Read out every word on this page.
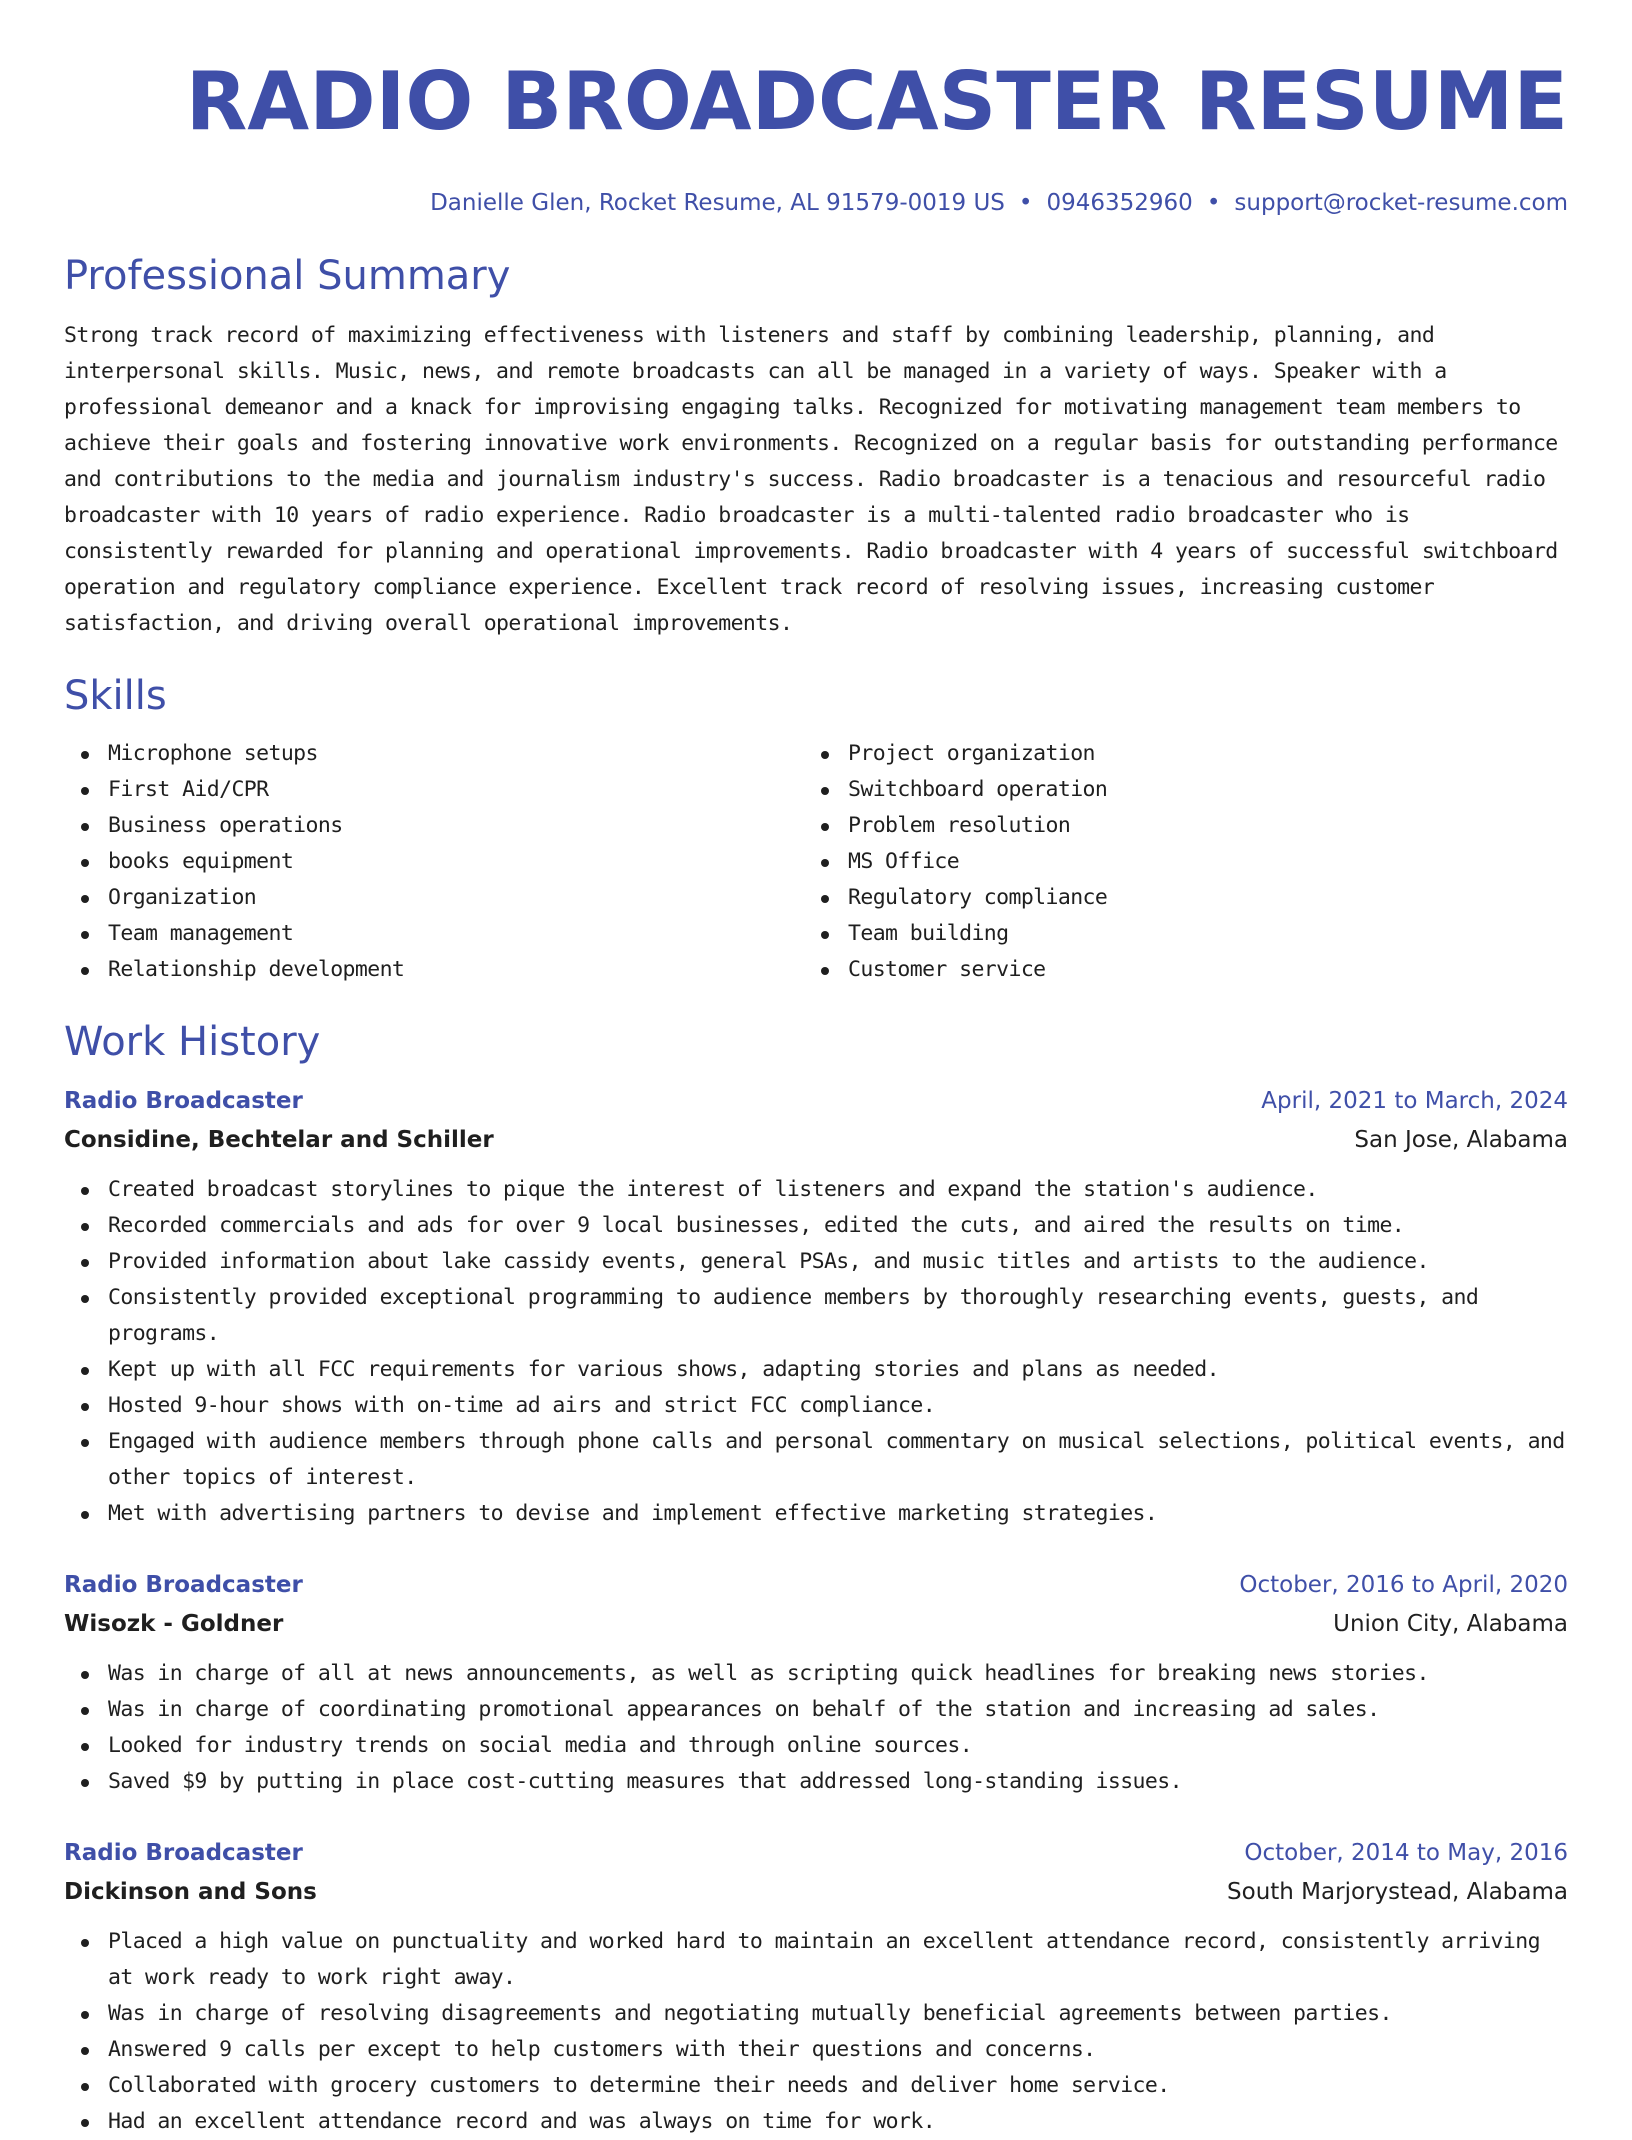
RADIO BROADCASTER RESUME
Danielle Glen, Rocket Resume, AL 91579-0019 US • 0946352960 • support@rocket-resume.com
Professional Summary

Strong track record of maximizing effectiveness with listeners and staff by combining leadership, planning, and interpersonal skills. Music, news, and remote broadcasts can all be managed in a variety of ways. Speaker with a professional demeanor and a knack for improvising engaging talks. Recognized for motivating management team members to achieve their goals and fostering innovative work environments. Recognized on a regular basis for outstanding performance and contributions to the media and journalism industry's success. Radio broadcaster is a tenacious and resourceful radio broadcaster with 10 years of radio experience. Radio broadcaster is a multi-talented radio broadcaster who is consistently rewarded for planning and operational improvements. Radio broadcaster with 4 years of successful switchboard operation and regulatory compliance experience. Excellent track record of resolving issues, increasing customer satisfaction, and driving overall operational improvements.

Skills
Microphone setups
First Aid/CPR
Business operations
books equipment
Organization
Team management
Relationship development
Project organization
Switchboard operation
Problem resolution
MS Office
Regulatory compliance
Team building
Customer service
Work History
Radio Broadcaster	April, 2021 to March, 2024
Considine, Bechtelar and Schiller	San Jose, Alabama
Created broadcast storylines to pique the interest of listeners and expand the station's audience.
Recorded commercials and ads for over 9 local businesses, edited the cuts, and aired the results on time.
Provided information about lake cassidy events, general PSAs, and music titles and artists to the audience.
Consistently provided exceptional programming to audience members by thoroughly researching events, guests, and programs.
Kept up with all FCC requirements for various shows, adapting stories and plans as needed.
Hosted 9-hour shows with on-time ad airs and strict FCC compliance.
Engaged with audience members through phone calls and personal commentary on musical selections, political events, and other topics of interest.
Met with advertising partners to devise and implement effective marketing strategies.
Radio Broadcaster	October, 2016 to April, 2020
Wisozk - Goldner	Union City, Alabama
Was in charge of all at news announcements, as well as scripting quick headlines for breaking news stories.
Was in charge of coordinating promotional appearances on behalf of the station and increasing ad sales.
Looked for industry trends on social media and through online sources.
Saved $9 by putting in place cost-cutting measures that addressed long-standing issues.
Radio Broadcaster	October, 2014 to May, 2016
Dickinson and Sons	South Marjorystead, Alabama
Placed a high value on punctuality and worked hard to maintain an excellent attendance record, consistently arriving at work ready to work right away.
Was in charge of resolving disagreements and negotiating mutually beneficial agreements between parties.
Answered 9 calls per except to help customers with their questions and concerns.
Collaborated with grocery customers to determine their needs and deliver home service.
Had an excellent attendance record and was always on time for work.
